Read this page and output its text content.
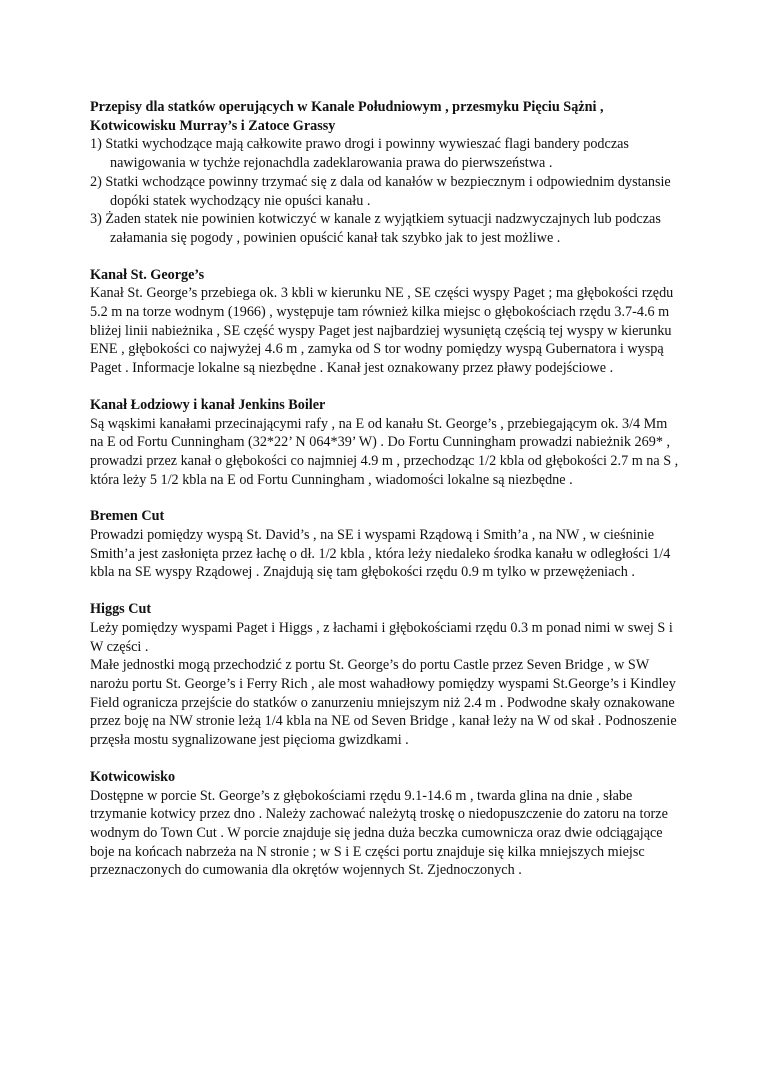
Przepisy dla statków operujących w Kanale Południowym , przesmyku Pięciu Sążni , Kotwicowisku Murray’s i Zatoce Grassy

1) Statki wychodzące mają całkowite prawo drogi i powinny wywieszać flagi bandery podczas nawigowania w tychże rejonachdla zadeklarowania prawa do pierwszeństwa .
2) Statki wchodzące powinny trzymać się z dala od kanałów w bezpiecznym i odpowiednim dystansie dopóki statek wychodzący nie opuści kanału .
3) Żaden statek nie powinien kotwiczyć w kanale z wyjątkiem sytuacji nadzwyczajnych lub podczas załamania się pogody , powinien opuścić kanał tak szybko jak to jest możliwe .
Kanał St. George’s

Kanał St. George’s przebiega ok. 3 kbli w kierunku NE , SE części wyspy Paget ; ma głębokości rzędu 5.2 m na torze wodnym (1966) , występuje tam również kilka miejsc o głębokościach rzędu 3.7-4.6 m bliżej linii nabieżnika , SE część wyspy Paget jest najbardziej wysuniętą częścią tej wyspy w kierunku ENE , głębokości co najwyżej 4.6 m , zamyka od S tor wodny pomiędzy wyspą Gubernatora i wyspą Paget . Informacje lokalne są niezbędne . Kanał jest oznakowany przez pławy podejściowe .

Kanał Łodziowy i kanał Jenkins Boiler

Są wąskimi kanałami przecinającymi rafy , na E od kanału St. George’s , przebiegającym ok. 3/4 Mm na E od Fortu Cunningham (32*22’ N 064*39’ W) . Do Fortu Cunningham prowadzi nabieżnik 269* , prowadzi przez kanał o głębokości co najmniej 4.9 m , przechodząc 1/2 kbla od głębokości 2.7 m na S , która leży 5 1/2 kbla na E od Fortu Cunningham , wiadomości lokalne są niezbędne .

Bremen Cut

Prowadzi pomiędzy wyspą St. David’s , na SE i wyspami Rządową i Smith’a , na NW , w cieśninie Smith’a jest zasłonięta przez łachę o dł. 1/2 kbla , która leży niedaleko środka kanału w odległości 1/4 kbla na SE wyspy Rządowej . Znajdują się tam głębokości rzędu 0.9 m tylko w przewężeniach .

Higgs Cut

Leży pomiędzy wyspami Paget i Higgs , z łachami i głębokościami rzędu 0.3 m ponad nimi w swej S i W części .

Małe jednostki mogą przechodzić z portu St. George’s do portu Castle przez Seven Bridge , w SW narożu portu St. George’s i Ferry Rich , ale most wahadłowy pomiędzy wyspami St.George’s i Kindley Field ogranicza przejście do statków o zanurzeniu mniejszym niż 2.4 m . Podwodne skały oznakowane przez boję na NW stronie leżą 1/4 kbla na NE od Seven Bridge , kanał leży na W od skał . Podnoszenie przęsła mostu sygnalizowane jest pięcioma gwizdkami .

Kotwicowisko

Dostępne w porcie St. George’s z głębokościami rzędu 9.1-14.6 m , twarda glina na dnie , słabe trzymanie kotwicy przez dno . Należy zachować należytą troskę o niedopuszczenie do zatoru na torze wodnym do Town Cut . W porcie znajduje się jedna duża beczka cumownicza oraz dwie odciągające boje na końcach nabrzeża na N stronie ; w S i E części portu znajduje się kilka mniejszych miejsc przeznaczonych do cumowania dla okrętów wojennych St. Zjednoczonych .
